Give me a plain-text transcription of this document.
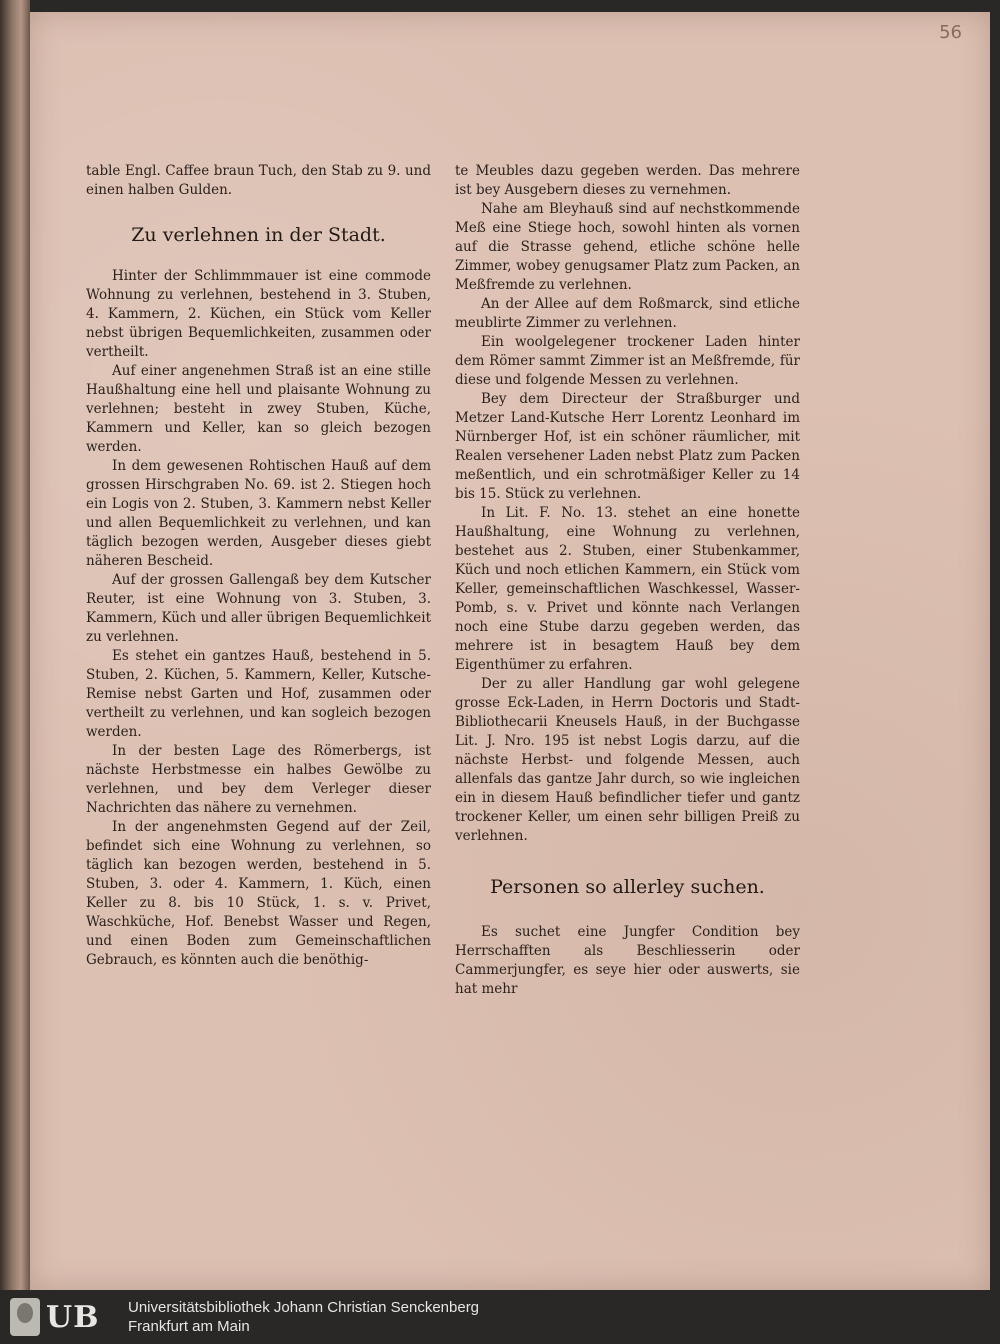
56

table Engl. Caffee braun Tuch, den Stab zu 9. und einen halben Gulden.

Zu verlehnen in der Stadt.

Hinter der Schlimmmauer ist eine commode Wohnung zu verlehnen, bestehend in 3. Stuben, 4. Kammern, 2. Küchen, ein Stück vom Keller nebst übrigen Bequemlichkeiten, zusammen oder vertheilt.

Auf einer angenehmen Straß ist an eine stille Haußhaltung eine hell und plaisante Wohnung zu verlehnen; besteht in zwey Stuben, Küche, Kammern und Keller, kan so gleich bezogen werden.

In dem gewesenen Rohtischen Hauß auf dem grossen Hirschgraben No. 69. ist 2. Stiegen hoch ein Logis von 2. Stuben, 3. Kammern nebst Keller und allen Bequemlichkeit zu verlehnen, und kan täglich bezogen werden, Ausgeber dieses giebt näheren Bescheid.

Auf der grossen Gallengaß bey dem Kutscher Reuter, ist eine Wohnung von 3. Stuben, 3. Kammern, Küch und aller übrigen Bequemlichkeit zu verlehnen.

Es stehet ein gantzes Hauß, bestehend in 5. Stuben, 2. Küchen, 5. Kammern, Keller, Kutsche-Remise nebst Garten und Hof, zusammen oder vertheilt zu verlehnen, und kan sogleich bezogen werden.

In der besten Lage des Römerbergs, ist nächste Herbstmesse ein halbes Gewölbe zu verlehnen, und bey dem Verleger dieser Nachrichten das nähere zu vernehmen.

In der angenehmsten Gegend auf der Zeil, befindet sich eine Wohnung zu verlehnen, so täglich kan bezogen werden, bestehend in 5. Stuben, 3. oder 4. Kammern, 1. Küch, einen Keller zu 8. bis 10 Stück, 1. s. v. Privet, Waschküche, Hof. Benebst Wasser und Regen, und einen Boden zum Gemeinschaftlichen Gebrauch, es könnten auch die benöthig-

te Meubles dazu gegeben werden. Das mehrere ist bey Ausgebern dieses zu vernehmen.

Nahe am Bleyhauß sind auf nechstkommende Meß eine Stiege hoch, sowohl hinten als vornen auf die Strasse gehend, etliche schöne helle Zimmer, wobey genugsamer Platz zum Packen, an Meßfremde zu verlehnen.

An der Allee auf dem Roßmarck, sind etliche meublirte Zimmer zu verlehnen.

Ein woolgelegener trockener Laden hinter dem Römer sammt Zimmer ist an Meßfremde, für diese und folgende Messen zu verlehnen.

Bey dem Directeur der Straßburger und Metzer Land-Kutsche Herr Lorentz Leonhard im Nürnberger Hof, ist ein schöner räumlicher, mit Realen versehener Laden nebst Platz zum Packen meßentlich, und ein schrotmäßiger Keller zu 14 bis 15. Stück zu verlehnen.

In Lit. F. No. 13. stehet an eine honette Haußhaltung, eine Wohnung zu verlehnen, bestehet aus 2. Stuben, einer Stubenkammer, Küch und noch etlichen Kammern, ein Stück vom Keller, gemeinschaftlichen Waschkessel, Wasser-Pomb, s. v. Privet und könnte nach Verlangen noch eine Stube darzu gegeben werden, das mehrere ist in besagtem Hauß bey dem Eigenthümer zu erfahren.

Der zu aller Handlung gar wohl gelegene grosse Eck-Laden, in Herrn Doctoris und Stadt-Bibliothecarii Kneusels Hauß, in der Buchgasse Lit. J. Nro. 195 ist nebst Logis darzu, auf die nächste Herbst- und folgende Messen, auch allenfals das gantze Jahr durch, so wie ingleichen ein in diesem Hauß befindlicher tiefer und gantz trockener Keller, um einen sehr billigen Preiß zu verlehnen.

Personen so allerley suchen.

Es suchet eine Jungfer Condition bey Herrschafften als Beschliesserin oder Cammerjungfer, es seye hier oder auswerts, sie hat mehr

UB Universitätsbibliothek Johann Christian Senckenberg
Frankfurt am Main
